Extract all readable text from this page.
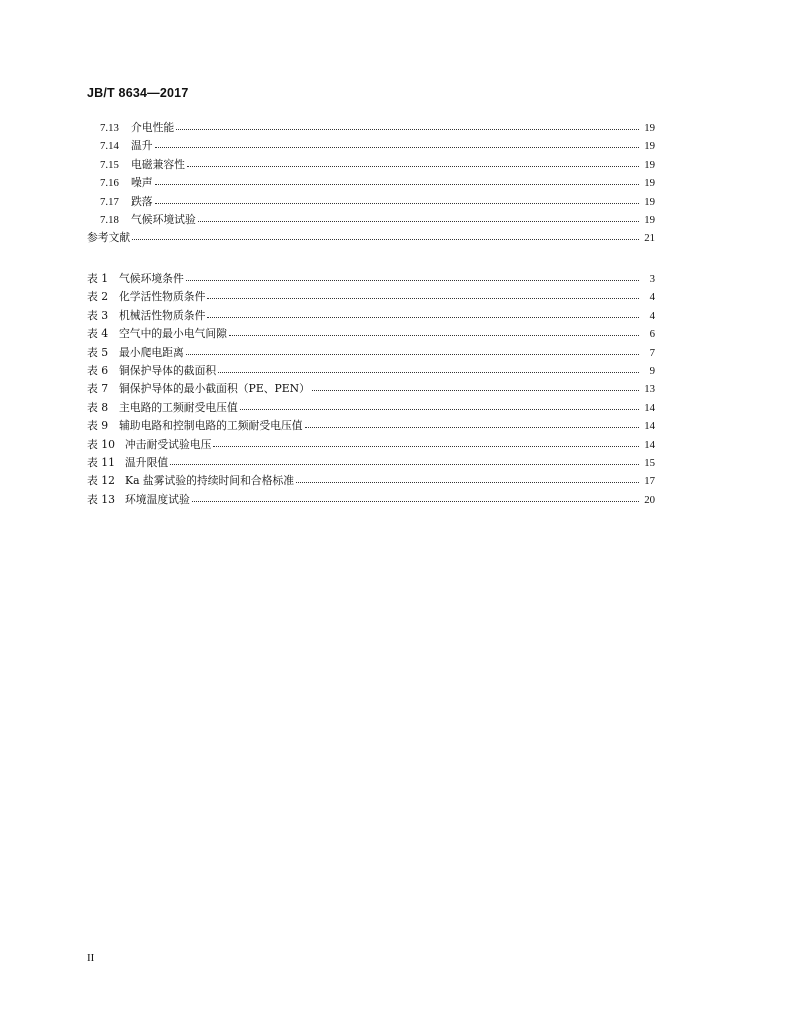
JB/T 8634—2017
7.13	介电性能	19
7.14	温升	19
7.15	电磁兼容性	19
7.16	噪声	19
7.17	跌落	19
7.18	气候环境试验	19
参考文献	21
表 1	气候环境条件	3
表 2	化学活性物质条件	4
表 3	机械活性物质条件	4
表 4	空气中的最小电气间隙	6
表 5	最小爬电距离	7
表 6	铜保护导体的截面积	9
表 7	铜保护导体的最小截面积（PE、PEN）	13
表 8	主电路的工频耐受电压值	14
表 9	辅助电路和控制电路的工频耐受电压值	14
表 10 冲击耐受试验电压	14
表 11 温升限值	15
表 12 Ka 盐雾试验的持续时间和合格标准	17
表 13 环境温度试验	20
II
